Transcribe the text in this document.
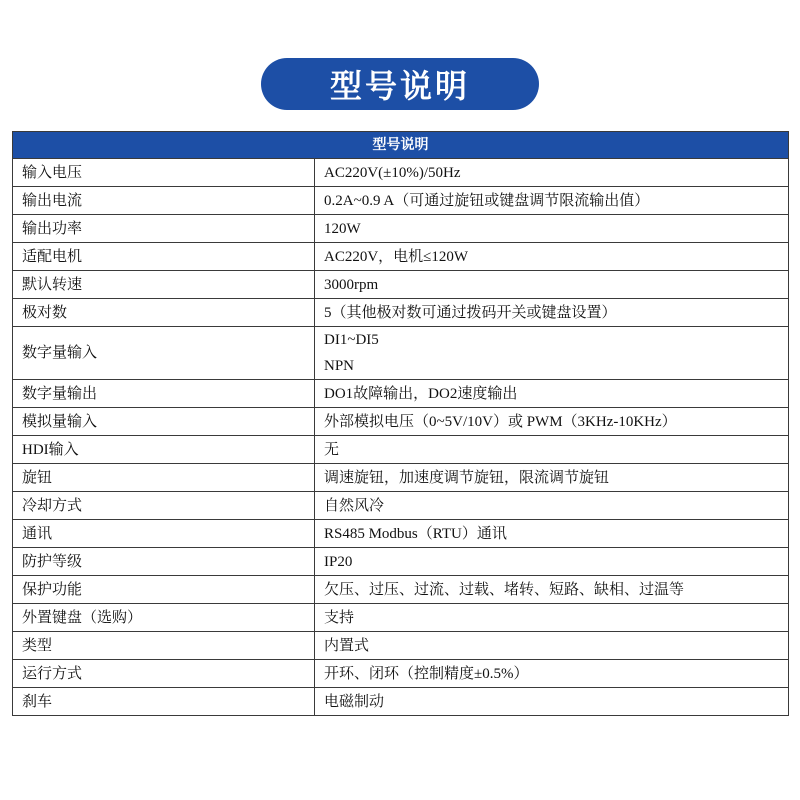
型号说明
型号说明	
输入电压	AC220V(±10%)/50Hz
输出电流	0.2A~0.9 A（可通过旋钮或键盘调节限流输出值）
输出功率	120W
适配电机	AC220V，电机≤120W
默认转速	3000rpm
极对数	5（其他极对数可通过拨码开关或键盘设置）
数字量输入	DI1~DI5
NPN

数字量输出	DO1故障输出，DO2速度输出
模拟量输入	外部模拟电压（0~5V/10V）或 PWM（3KHz-10KHz）
HDI输入	无
旋钮	调速旋钮，加速度调节旋钮，限流调节旋钮
冷却方式	自然风冷
通讯	RS485 Modbus（RTU）通讯
防护等级	IP20
保护功能	欠压、过压、过流、过载、堵转、短路、缺相、过温等
外置键盘（选购）	支持
类型	内置式
运行方式	开环、闭环（控制精度±0.5%）
刹车	电磁制动
